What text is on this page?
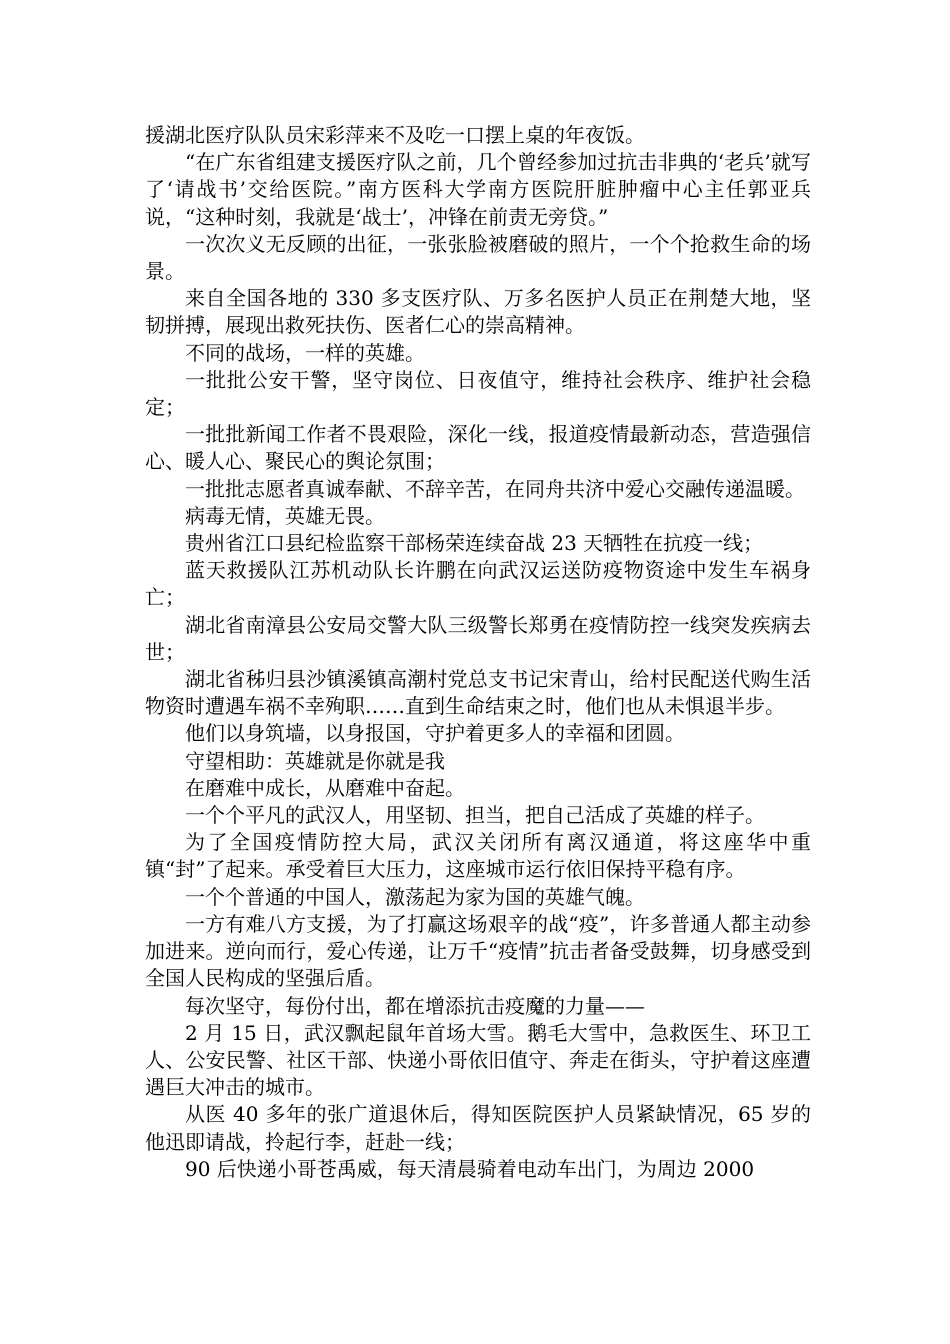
援湖北医疗队队员宋彩萍来不及吃一口摆上桌的年夜饭。

“在广东省组建支援医疗队之前，几个曾经参加过抗击非典的‘老兵’就写了‘请战书’交给医院。”南方医科大学南方医院肝脏肿瘤中心主任郭亚兵说，“这种时刻，我就是‘战士’，冲锋在前责无旁贷。”

一次次义无反顾的出征，一张张脸被磨破的照片，一个个抢救生命的场景。

来自全国各地的 330 多支医疗队、万多名医护人员正在荆楚大地，坚韧拼搏，展现出救死扶伤、医者仁心的崇高精神。

不同的战场，一样的英雄。

一批批公安干警，坚守岗位、日夜值守，维持社会秩序、维护社会稳定；

一批批新闻工作者不畏艰险，深化一线，报道疫情最新动态，营造强信心、暖人心、聚民心的舆论氛围；

一批批志愿者真诚奉献、不辞辛苦，在同舟共济中爱心交融传递温暖。

病毒无情，英雄无畏。

贵州省江口县纪检监察干部杨荣连续奋战 23 天牺牲在抗疫一线；

蓝天救援队江苏机动队长许鹏在向武汉运送防疫物资途中发生车祸身亡；

湖北省南漳县公安局交警大队三级警长郑勇在疫情防控一线突发疾病去世；

湖北省秭归县沙镇溪镇高潮村党总支书记宋青山，给村民配送代购生活物资时遭遇车祸不幸殉职……直到生命结束之时，他们也从未惧退半步。

他们以身筑墙，以身报国，守护着更多人的幸福和团圆。

守望相助：英雄就是你就是我

在磨难中成长，从磨难中奋起。

一个个平凡的武汉人，用坚韧、担当，把自己活成了英雄的样子。

为了全国疫情防控大局，武汉关闭所有离汉通道，将这座华中重镇“封”了起来。承受着巨大压力，这座城市运行依旧保持平稳有序。

一个个普通的中国人，激荡起为家为国的英雄气魄。

一方有难八方支援，为了打赢这场艰辛的战“疫”，许多普通人都主动参加进来。逆向而行，爱心传递，让万千“疫情”抗击者备受鼓舞，切身感受到全国人民构成的坚强后盾。

每次坚守，每份付出，都在增添抗击疫魔的力量——

2 月 15 日，武汉飘起鼠年首场大雪。鹅毛大雪中，急救医生、环卫工人、公安民警、社区干部、快递小哥依旧值守、奔走在街头，守护着这座遭遇巨大冲击的城市。

从医 40 多年的张广道退休后，得知医院医护人员紧缺情况，65 岁的他迅即请战，拎起行李，赶赴一线；

90 后快递小哥苍禹威，每天清晨骑着电动车出门，为周边 2000
